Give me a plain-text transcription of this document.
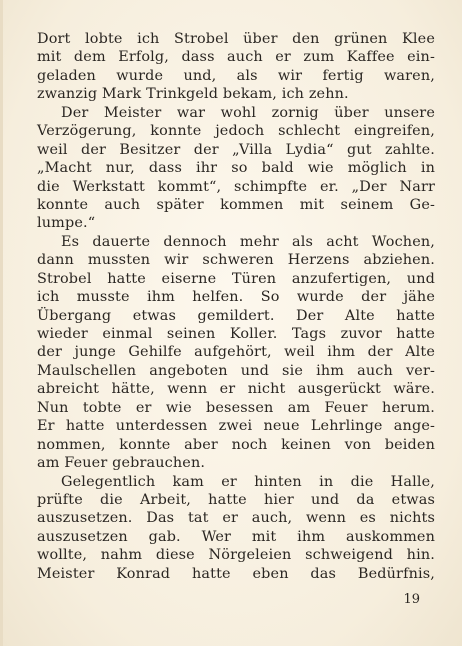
Dort lobte ich Strobel über den grünen Klee
mit dem Erfolg, dass auch er zum Kaffee ein-
geladen wurde und, als wir fertig waren,
zwanzig Mark Trinkgeld bekam, ich zehn.
Der Meister war wohl zornig über unsere
Verzögerung, konnte jedoch schlecht eingreifen,
weil der Besitzer der „Villa Lydia“ gut zahlte.
„Macht nur, dass ihr so bald wie möglich in
die Werkstatt kommt“, schimpfte er. „Der Narr
konnte auch später kommen mit seinem Ge-
lumpe.“
Es dauerte dennoch mehr als acht Wochen,
dann mussten wir schweren Herzens abziehen.
Strobel hatte eiserne Türen anzufertigen, und
ich musste ihm helfen. So wurde der jähe
Übergang etwas gemildert. Der Alte hatte
wieder einmal seinen Koller. Tags zuvor hatte
der junge Gehilfe aufgehört, weil ihm der Alte
Maulschellen angeboten und sie ihm auch ver-
abreicht hätte, wenn er nicht ausgerückt wäre.
Nun tobte er wie besessen am Feuer herum.
Er hatte unterdessen zwei neue Lehrlinge ange-
nommen, konnte aber noch keinen von beiden
am Feuer gebrauchen.
Gelegentlich kam er hinten in die Halle,
prüfte die Arbeit, hatte hier und da etwas
auszusetzen. Das tat er auch, wenn es nichts
auszusetzen gab. Wer mit ihm auskommen
wollte, nahm diese Nörgeleien schweigend hin.
Meister Konrad hatte eben das Bedürfnis,
19
